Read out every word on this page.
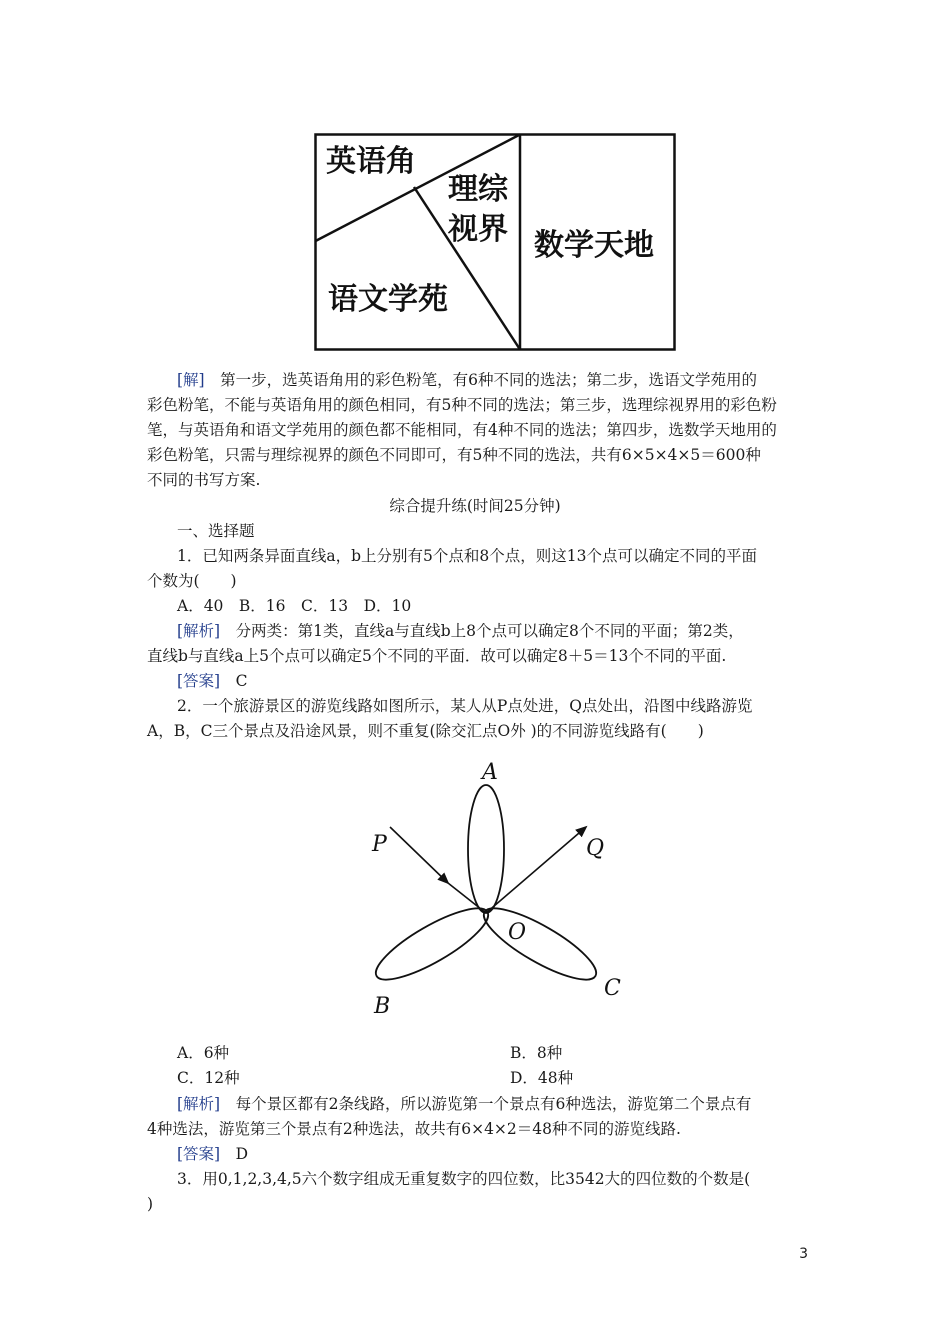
英语角
理综
视界
语文学苑
数学天地
[解]　 第一步，选英语角用的彩色粉笔，有6种不同的选法；第二步，选语文学苑用的
彩色粉笔，不能与英语角用的颜色相同，有5种不同的选法；第三步，选理综视界用的彩色粉
笔，与英语角和语文学苑用的颜色都不能相同，有4种不同的选法；第四步，选数学天地用的
彩色粉笔，只需与理综视界的颜色不同即可，有5种不同的选法，共有6×5×4×5＝600种
不同的书写方案.
综合提升练(时间25分钟)
一、选择题
1．已知两条异面直线a，b上分别有5个点和8个点，则这13个点可以确定不同的平面
个数为(　　)
A．40　B．16　C．13　D．10
[解析]　 分两类：第1类，直线a与直线b上8个点可以确定8个不同的平面；第2类，
直线b与直线a上5个点可以确定5个不同的平面．故可以确定8＋5＝13个不同的平面.
[答案]　 C
2．一个旅游景区的游览线路如图所示，某人从P点处进，Q点处出，沿图中线路游览
A，B，C三个景点及沿途风景，则不重复(除交汇点O外 )的不同游览线路有(　　)
A
P	Q
O
C
B
A．6种	B．8种
C．12种	D．48种
[解析]　 每个景区都有2条线路，所以游览第一个景点有6种选法，游览第二个景点有
4种选法，游览第三个景点有2种选法，故共有6×4×2＝48种不同的游览线路.
[答案]　 D
3．用0,1,2,3,4,5六个数字组成无重复数字的四位数，比3542大的四位数的个数是(
)
3
